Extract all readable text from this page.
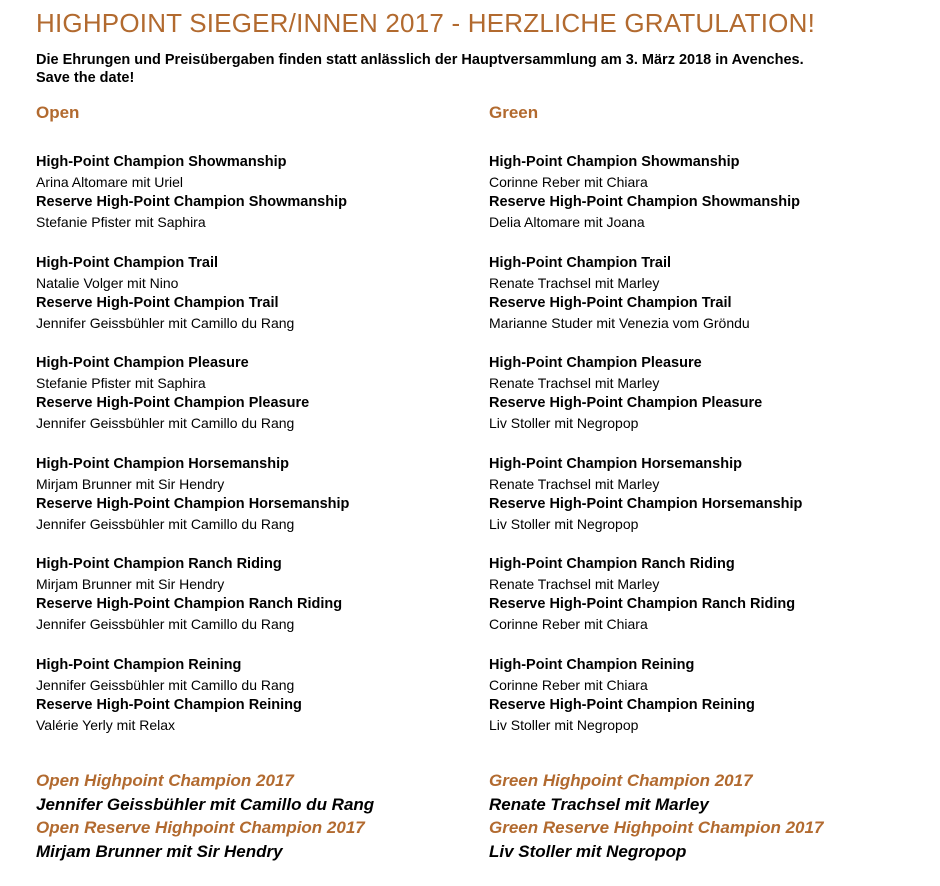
HIGHPOINT SIEGER/INNEN 2017 - HERZLICHE GRATULATION!
Die Ehrungen und Preisübergaben finden statt anlässlich der Hauptversammlung am 3. März 2018 in Avenches.
Save the date!
Open
High-Point Champion Showmanship
Arina Altomare mit Uriel
Reserve High-Point Champion Showmanship
Stefanie Pfister mit Saphira
High-Point Champion Trail
Natalie Volger mit Nino
Reserve High-Point Champion Trail
Jennifer Geissbühler mit Camillo du Rang
High-Point Champion Pleasure
Stefanie Pfister mit Saphira
Reserve High-Point Champion Pleasure
Jennifer Geissbühler mit Camillo du Rang
High-Point Champion Horsemanship
Mirjam Brunner mit Sir Hendry
Reserve High-Point Champion Horsemanship
Jennifer Geissbühler mit Camillo du Rang
High-Point Champion Ranch Riding
Mirjam Brunner mit Sir Hendry
Reserve High-Point Champion Ranch Riding
Jennifer Geissbühler mit Camillo du Rang
High-Point Champion Reining
Jennifer Geissbühler mit Camillo du Rang
Reserve High-Point Champion Reining
Valérie Yerly mit Relax
Green
High-Point Champion Showmanship
Corinne Reber mit Chiara
Reserve High-Point Champion Showmanship
Delia Altomare mit Joana
High-Point Champion Trail
Renate Trachsel mit Marley
Reserve High-Point Champion Trail
Marianne Studer mit Venezia vom Gröndu
High-Point Champion Pleasure
Renate Trachsel mit Marley
Reserve High-Point Champion Pleasure
Liv Stoller mit Negropop
High-Point Champion Horsemanship
Renate Trachsel mit Marley
Reserve High-Point Champion Horsemanship
Liv Stoller mit Negropop
High-Point Champion Ranch Riding
Renate Trachsel mit Marley
Reserve High-Point Champion Ranch Riding
Corinne Reber mit Chiara
High-Point Champion Reining
Corinne Reber mit Chiara
Reserve High-Point Champion Reining
Liv Stoller mit Negropop
Open Highpoint Champion 2017
Jennifer Geissbühler mit Camillo du Rang
Open Reserve Highpoint Champion 2017
Mirjam Brunner mit Sir Hendry
Green Highpoint Champion 2017
Renate Trachsel mit Marley
Green Reserve Highpoint Champion 2017
Liv Stoller mit Negropop
